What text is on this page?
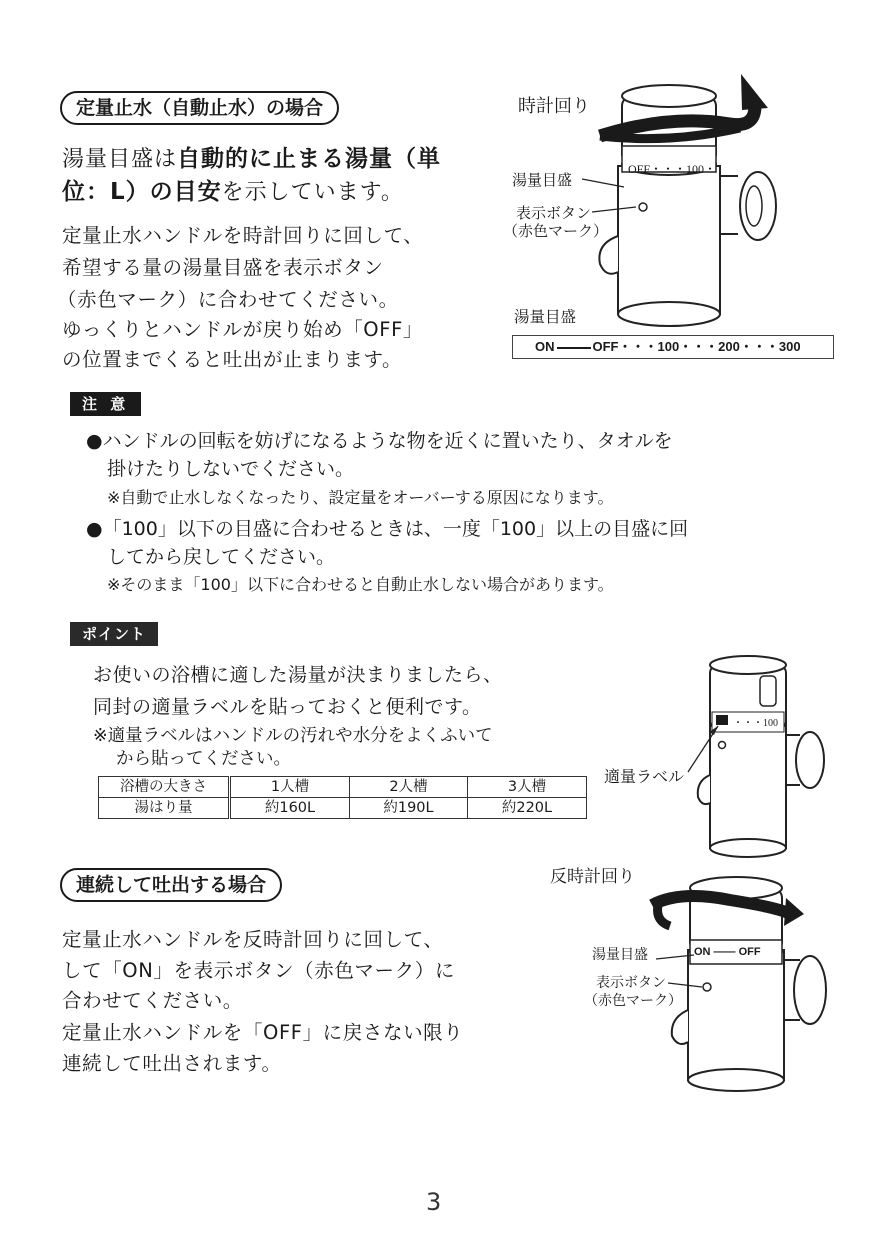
定量止水（自動止水）の場合
湯量目盛は自動的に止まる湯量（単
位：L）の目安を示しています。
定量止水ハンドルを時計回りに回して、
希望する量の湯量目盛を表示ボタン
（赤色マーク）に合わせてください。
ゆっくりとハンドルが戻り始め「OFF」
の位置までくると吐出が止まります。
時計回り
OFF・・・100・
湯量目盛
表示ボタン
（赤色マーク）
湯量目盛
ON	OFF・・・100・・・200・・・300
注 意
●ハンドルの回転を妨げになるような物を近くに置いたり、タオルを
掛けたりしないでください。
※自動で止水しなくなったり、設定量をオーバーする原因になります。
●「100」以下の目盛に合わせるときは、一度「100」以上の目盛に回
してから戻してください。
※そのまま「100」以下に合わせると自動止水しない場合があります。
ポイント
お使いの浴槽に適した湯量が決まりましたら、
同封の適量ラベルを貼っておくと便利です。
※適量ラベルはハンドルの汚れや水分をよくふいて
から貼ってください。
浴槽の大きさ	1人槽	2人槽	3人槽
湯はり量	約160L	約190L	約220L
・・・100
適量ラベル
連続して吐出する場合
定量止水ハンドルを反時計回りに回して、
して「ON」を表示ボタン（赤色マーク）に
合わせてください。
定量止水ハンドルを「OFF」に戻さない限り
連続して吐出されます。
反時計回り
ON ―― OFF
湯量目盛
表示ボタン
（赤色マーク）
3
